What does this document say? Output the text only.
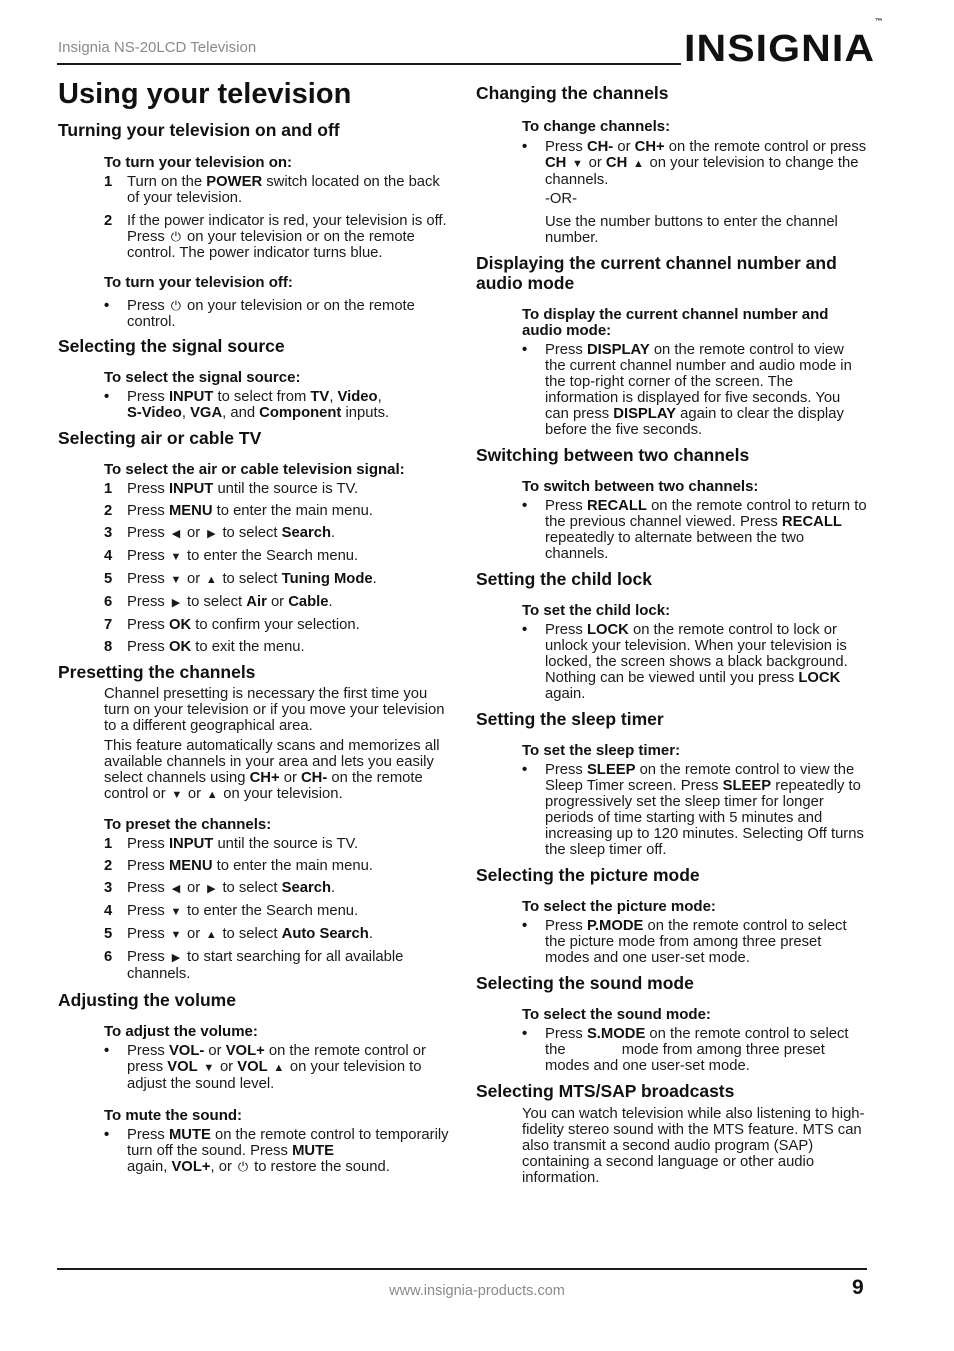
Insignia NS-20LCD Television	INSIGNIA™
Using your television
Turning your television on and off
To turn your television on:
1 Turn on the POWER switch located on the back of your television.
2 If the power indicator is red, your television is off. Press ⏻ on your television or on the remote control. The power indicator turns blue.
To turn your television off:
• Press ⏻ on your television or on the remote control.
Selecting the signal source
To select the signal source:
• Press INPUT to select from TV, Video,
S-Video, VGA, and Component inputs.
Selecting air or cable TV
To select the air or cable television signal:
1 Press INPUT until the source is TV.
2 Press MENU to enter the main menu.
3 Press ◀ or ▶ to select Search.
4 Press ▼ to enter the Search menu.
5 Press ▼ or ▲ to select Tuning Mode.
6 Press ▶ to select Air or Cable.
7 Press OK to confirm your selection.
8 Press OK to exit the menu.
Presetting the channels
Channel presetting is necessary the first time you turn on your television or if you move your television to a different geographical area.
This feature automatically scans and memorizes all available channels in your area and lets you easily select channels using CH+ or CH- on the remote control or ▼ or ▲ on your television.
To preset the channels:
1 Press INPUT until the source is TV.
2 Press MENU to enter the main menu.
3 Press ◀ or ▶ to select Search.
4 Press ▼ to enter the Search menu.
5 Press ▼ or ▲ to select Auto Search.
6 Press ▶ to start searching for all available channels.
Adjusting the volume
To adjust the volume:
• Press VOL- or VOL+ on the remote control or press VOL ▼ or VOL ▲ on your television to adjust the sound level.
To mute the sound:
• Press MUTE on the remote control to temporarily turn off the sound. Press MUTE
again, VOL+, or ⏻ to restore the sound.
Changing the channels
To change channels:
• Press CH- or CH+ on the remote control or press CH ▼ or CH ▲ on your television to change the channels.
-OR-
Use the number buttons to enter the channel number.
Displaying the current channel number and audio mode
To display the current channel number and audio mode:
• Press DISPLAY on the remote control to view the current channel number and audio mode in the top-right corner of the screen. The information is displayed for five seconds. You can press DISPLAY again to clear the display before the five seconds.
Switching between two channels
To switch between two channels:
• Press RECALL on the remote control to return to the previous channel viewed. Press RECALL repeatedly to alternate between the two channels.
Setting the child lock
To set the child lock:
• Press LOCK on the remote control to lock or unlock your television. When your television is locked, the screen shows a black background. Nothing can be viewed until you press LOCK again.
Setting the sleep timer
To set the sleep timer:
• Press SLEEP on the remote control to view the Sleep Timer screen. Press SLEEP repeatedly to progressively set the sleep timer for longer periods of time starting with 5 minutes and increasing up to 120 minutes. Selecting Off turns the sleep timer off.
Selecting the picture mode
To select the picture mode:
• Press P.MODE on the remote control to select the picture mode from among three preset modes and one user-set mode.
Selecting the sound mode
To select the sound mode:
• Press S.MODE on the remote control to select the	mode from among three preset modes and one user-set mode.
Selecting MTS/SAP broadcasts
You can watch television while also listening to high-fidelity stereo sound with the MTS feature. MTS can also transmit a second audio program (SAP) containing a second language or other audio information.
www.insignia-products.com	9
